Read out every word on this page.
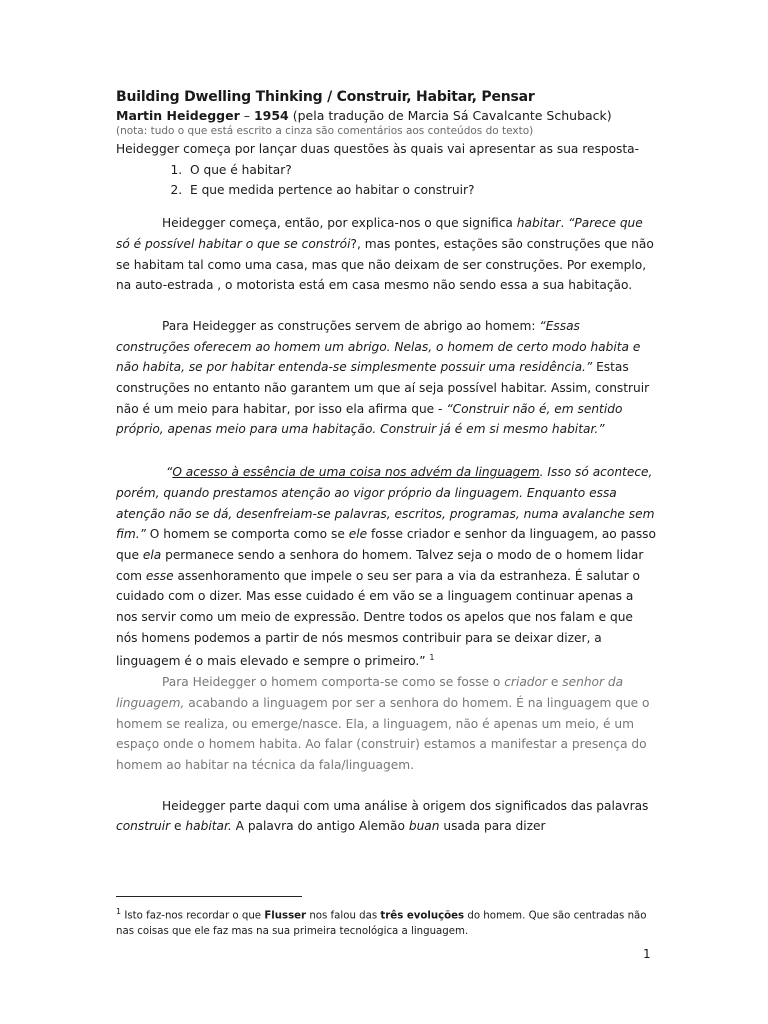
Building Dwelling Thinking / Construir, Habitar, Pensar

Martin Heidegger – 1954 (pela tradução de Marcia Sá Cavalcante Schuback)

(nota: tudo o que está escrito a cinza são comentários aos conteúdos do texto)

Heidegger começa por lançar duas questões às quais vai apresentar as sua resposta-

1. O que é habitar?
2. E que medida pertence ao habitar o construir?

Heidegger começa, então, por explica-nos o que significa habitar. “Parece que só é possível habitar o que se constrói?, mas pontes, estações são construções que não se habitam tal como uma casa, mas que não deixam de ser construções. Por exemplo, na auto-estrada , o motorista está em casa mesmo não sendo essa a sua habitação.

Para Heidegger as construções servem de abrigo ao homem: “Essas construções oferecem ao homem um abrigo. Nelas, o homem de certo modo habita e não habita, se por habitar entenda-se simplesmente possuir uma residência.” Estas construções no entanto não garantem um que aí seja possível habitar. Assim, construir não é um meio para habitar, por isso ela afirma que - “Construir não é, em sentido próprio, apenas meio para uma habitação. Construir já é em si mesmo habitar.”

“O acesso à essência de uma coisa nos advém da linguagem. Isso só acontece, porém, quando prestamos atenção ao vigor próprio da linguagem. Enquanto essa atenção não se dá, desenfreiam-se palavras, escritos, programas, numa avalanche sem fim.” O homem se comporta como se ele fosse criador e senhor da linguagem, ao passo que ela permanece sendo a senhora do homem. Talvez seja o modo de o homem lidar com esse assenhoramento que impele o seu ser para a via da estranheza. É salutar o cuidado com o dizer. Mas esse cuidado é em vão se a linguagem continuar apenas a nos servir como um meio de expressão. Dentre todos os apelos que nos falam e que nós homens podemos a partir de nós mesmos contribuir para se deixar dizer, a linguagem é o mais elevado e sempre o primeiro.” $^1$

Para Heidegger o homem comporta-se como se fosse o criador e senhor da linguagem, acabando a linguagem por ser a senhora do homem. É na linguagem que o homem se realiza, ou emerge/nasce. Ela, a linguagem, não é apenas um meio, é um espaço onde o homem habita. Ao falar (construir) estamos a manifestar a presença do homem ao habitar na técnica da fala/linguagem.

Heidegger parte daqui com uma análise à origem dos significados das palavras construir e habitar. A palavra do antigo Alemão buan usada para dizer

$^1$ Isto faz-nos recordar o que Flusser nos falou das três evoluções do homem. Que são centradas não nas coisas que ele faz mas na sua primeira tecnológica a linguagem.
1
